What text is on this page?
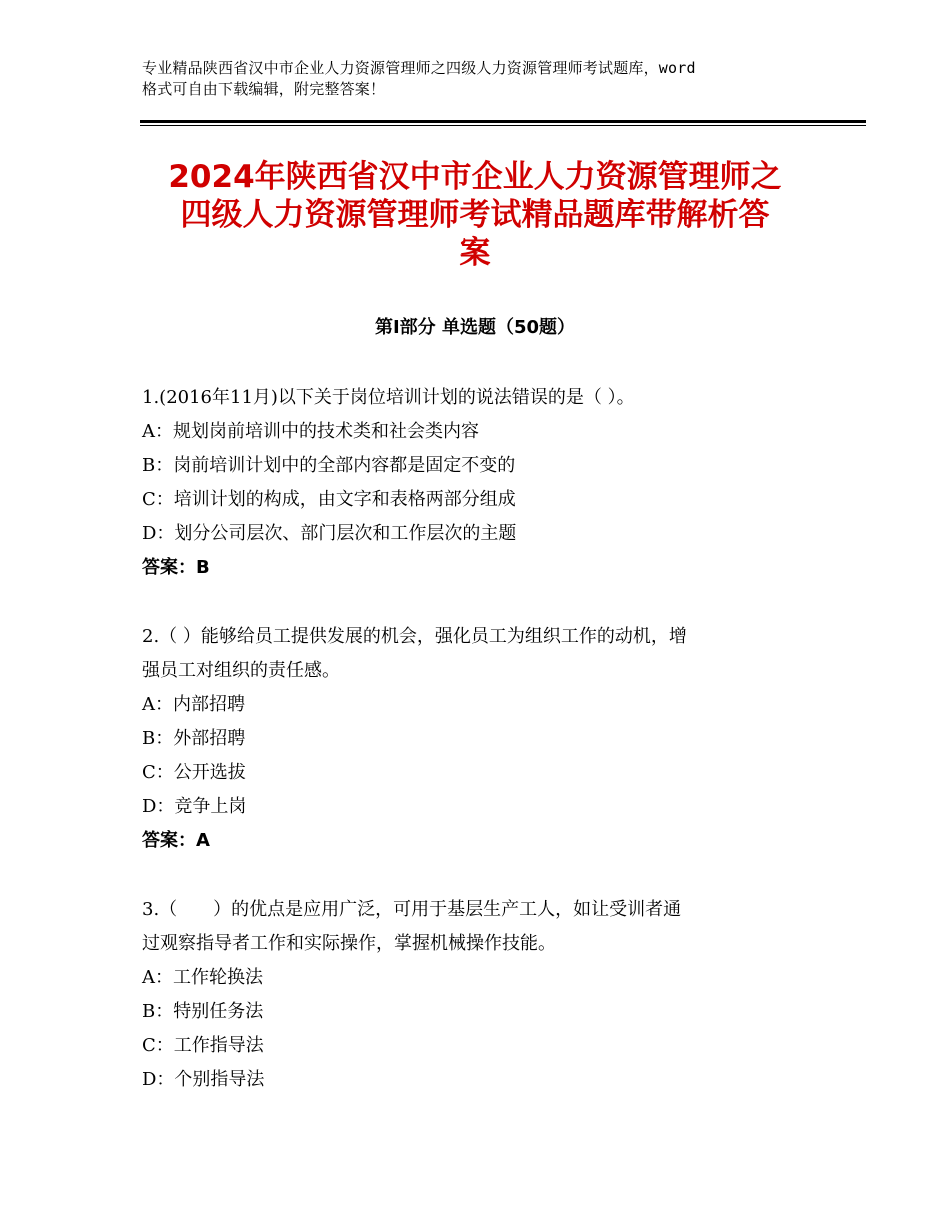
专业精品陕西省汉中市企业人力资源管理师之四级人力资源管理师考试题库，word
格式可自由下载编辑，附完整答案！
2024年陕西省汉中市企业人力资源管理师之
四级人力资源管理师考试精品题库带解析答
案
第Ⅰ部分 单选题（50题）

1.(2016年11月)以下关于岗位培训计划的说法错误的是（ ）。

A：规划岗前培训中的技术类和社会类内容

B：岗前培训计划中的全部内容都是固定不变的

C：培训计划的构成，由文字和表格两部分组成

D：划分公司层次、部门层次和工作层次的主题

答案：B

2.（ ）能够给员工提供发展的机会，强化员工为组织工作的动机，增

强员工对组织的责任感。

A：内部招聘

B：外部招聘

C：公开选拔

D：竞争上岗

答案：A

3.（　　）的优点是应用广泛，可用于基层生产工人，如让受训者通

过观察指导者工作和实际操作，掌握机械操作技能。

A：工作轮换法

B：特别任务法

C：工作指导法

D：个别指导法
